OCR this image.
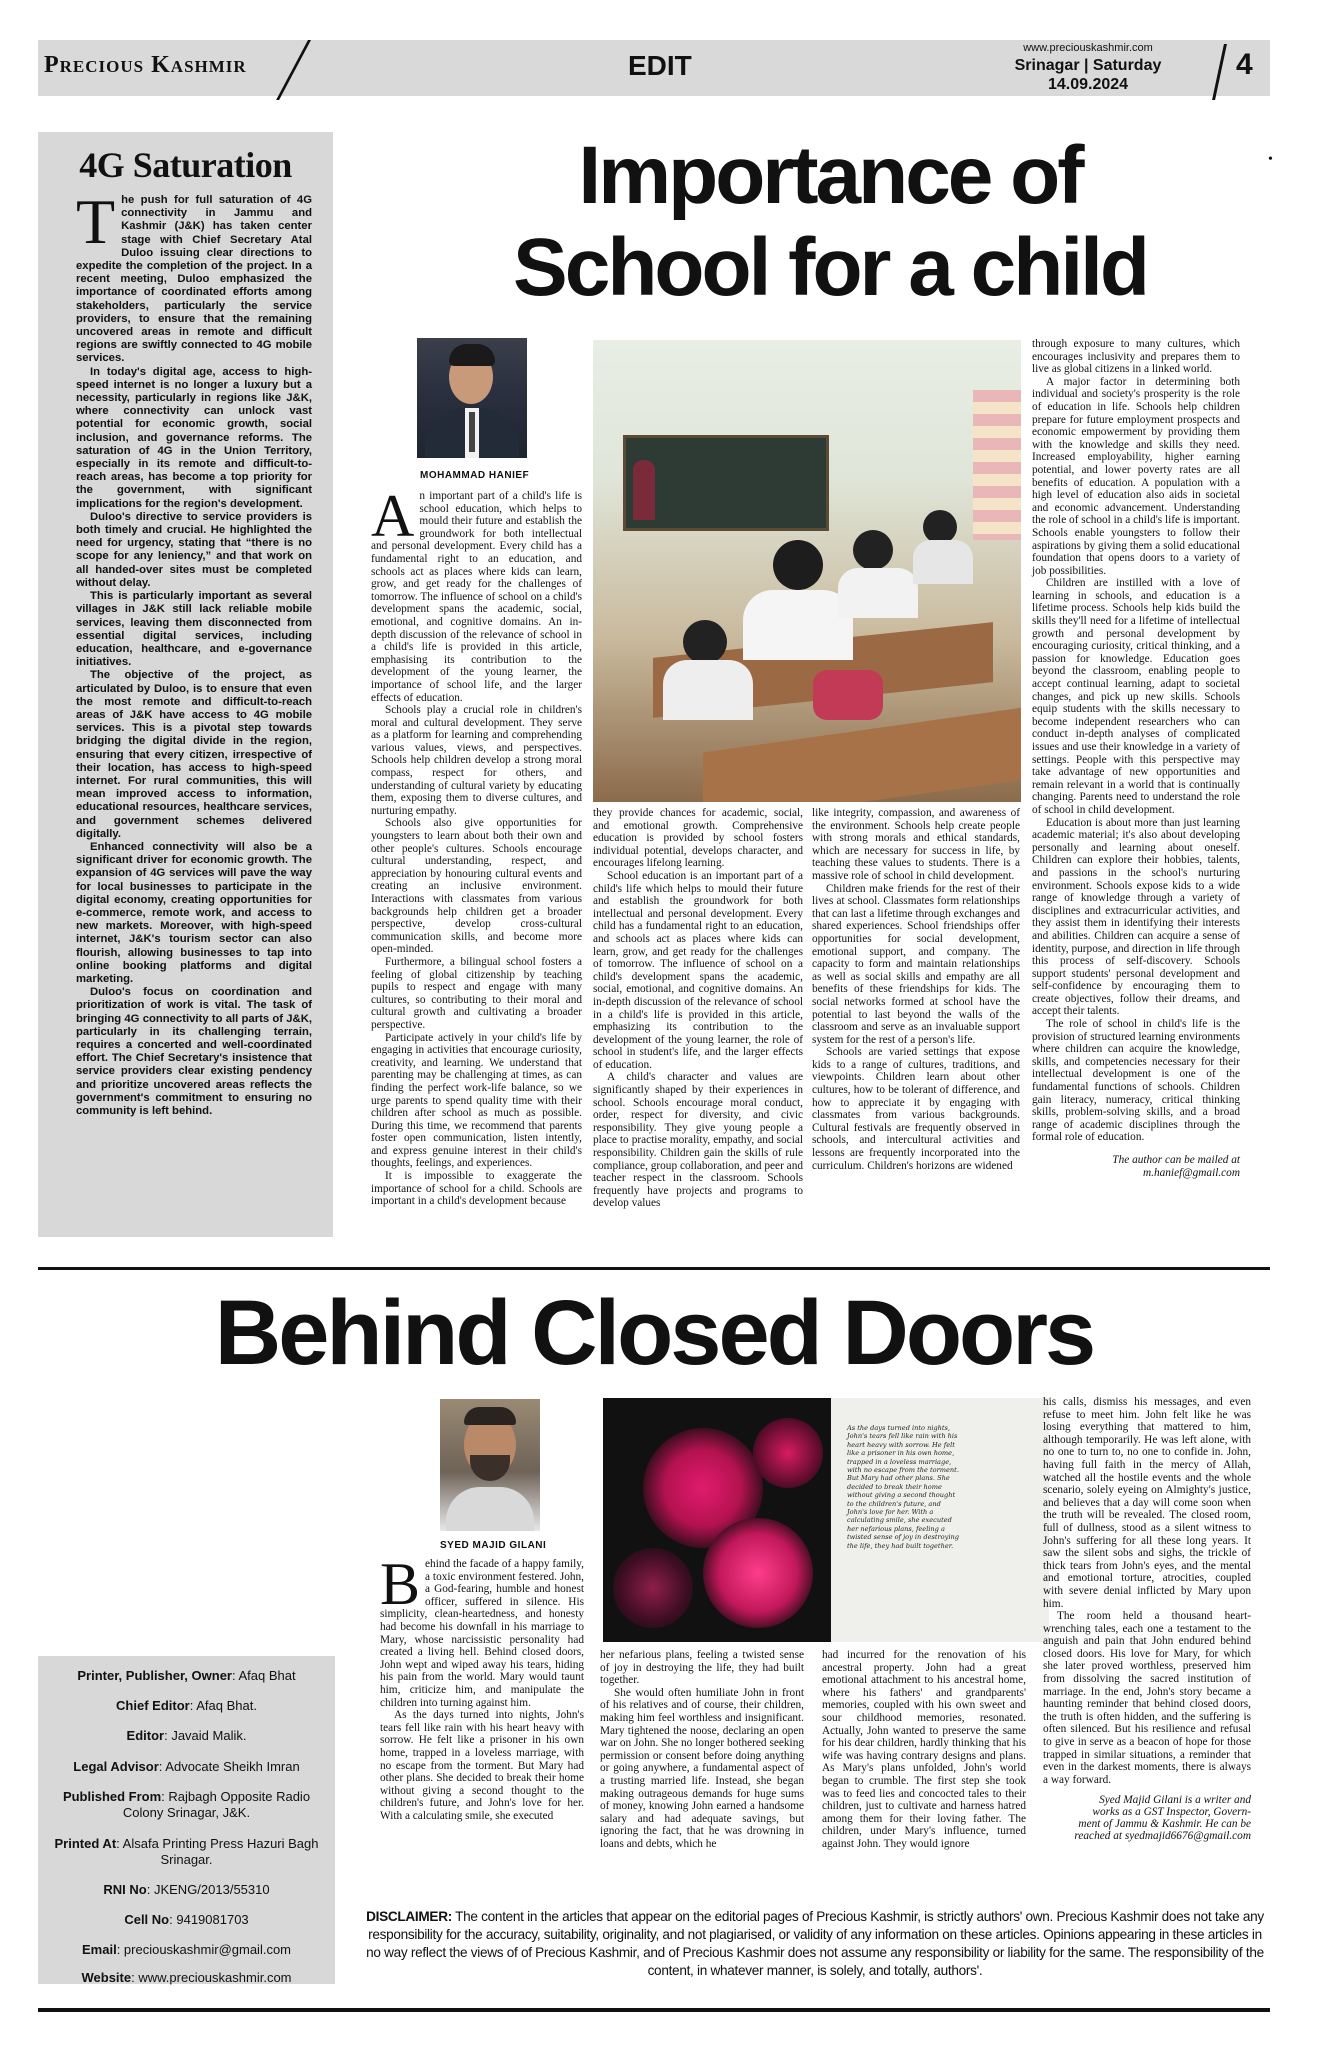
Precious Kashmir	EDIT
www.preciouskashmir.com
Srinagar | Saturday
14.09.2024
4
4G Saturation

The push for full saturation of 4G connectivity in Jammu and Kashmir (J&K) has taken center stage with Chief Secretary Atal Duloo issuing clear directions to expedite the completion of the project. In a recent meeting, Duloo emphasized the importance of coordinated efforts among stakeholders, particularly the service providers, to ensure that the remaining uncovered areas in remote and difficult regions are swiftly connected to 4G mobile services.

In today's digital age, access to high-speed internet is no longer a luxury but a necessity, particularly in regions like J&K, where connectivity can unlock vast potential for economic growth, social inclusion, and governance reforms. The saturation of 4G in the Union Territory, especially in its remote and difficult-to-reach areas, has become a top priority for the government, with significant implications for the region's development.

Duloo's directive to service providers is both timely and crucial. He highlighted the need for urgency, stating that “there is no scope for any leniency,” and that work on all handed-over sites must be completed without delay.

This is particularly important as several villages in J&K still lack reliable mobile services, leaving them disconnected from essential digital services, including education, healthcare, and e-governance initiatives.

The objective of the project, as articulated by Duloo, is to ensure that even the most remote and difficult-to-reach areas of J&K have access to 4G mobile services. This is a pivotal step towards bridging the digital divide in the region, ensuring that every citizen, irrespective of their location, has access to high-speed internet. For rural communities, this will mean improved access to information, educational resources, healthcare services, and government schemes delivered digitally.

Enhanced connectivity will also be a significant driver for economic growth. The expansion of 4G services will pave the way for local businesses to participate in the digital economy, creating opportunities for e-commerce, remote work, and access to new markets. Moreover, with high-speed internet, J&K's tourism sector can also flourish, allowing businesses to tap into online booking platforms and digital marketing.

Duloo's focus on coordination and prioritization of work is vital. The task of bringing 4G connectivity to all parts of J&K, particularly in its challenging terrain, requires a concerted and well-coordinated effort. The Chief Secretary's insistence that service providers clear existing pendency and prioritize uncovered areas reflects the government's commitment to ensuring no community is left behind.

Importance of
School for a child
•
MOHAMMAD HANIEF

An important part of a child's life is school education, which helps to mould their future and establish the groundwork for both intellectual and personal development. Every child has a fundamental right to an education, and schools act as places where kids can learn, grow, and get ready for the challenges of tomorrow. The influence of school on a child's development spans the academic, social, emotional, and cognitive domains. An in-depth discussion of the relevance of school in a child's life is provided in this article, emphasising its contribution to the development of the young learner, the importance of school life, and the larger effects of education.

Schools play a crucial role in children's moral and cultural development. They serve as a platform for learning and comprehending various values, views, and perspectives. Schools help children develop a strong moral compass, respect for others, and understanding of cultural variety by educating them, exposing them to diverse cultures, and nurturing empathy.

Schools also give opportunities for youngsters to learn about both their own and other people's cultures. Schools encourage cultural understanding, respect, and appreciation by honouring cultural events and creating an inclusive environment. Interactions with classmates from various backgrounds help children get a broader perspective, develop cross-cultural communication skills, and become more open-minded.

Furthermore, a bilingual school fosters a feeling of global citizenship by teaching pupils to respect and engage with many cultures, so contributing to their moral and cultural growth and cultivating a broader perspective.

Participate actively in your child's life by engaging in activities that encourage curiosity, creativity, and learning. We understand that parenting may be challenging at times, as can finding the perfect work-life balance, so we urge parents to spend quality time with their children after school as much as possible. During this time, we recommend that parents foster open communication, listen intently, and express genuine interest in their child's thoughts, feelings, and experiences.

It is impossible to exaggerate the importance of school for a child. Schools are important in a child's development because

they provide chances for academic, social, and emotional growth. Comprehensive education is provided by school fosters individual potential, develops character, and encourages lifelong learning.

School education is an important part of a child's life which helps to mould their future and establish the groundwork for both intellectual and personal development. Every child has a fundamental right to an education, and schools act as places where kids can learn, grow, and get ready for the challenges of tomorrow. The influence of school on a child's development spans the academic, social, emotional, and cognitive domains. An in-depth discussion of the relevance of school in a child's life is provided in this article, emphasizing its contribution to the development of the young learner, the role of school in student's life, and the larger effects of education.

A child's character and values are significantly shaped by their experiences in school. Schools encourage moral conduct, order, respect for diversity, and civic responsibility. They give young people a place to practise morality, empathy, and social responsibility. Children gain the skills of rule compliance, group collaboration, and peer and teacher respect in the classroom. Schools frequently have projects and programs to develop values

like integrity, compassion, and awareness of the environment. Schools help create people with strong morals and ethical standards, which are necessary for success in life, by teaching these values to students. There is a massive role of school in child development.

Children make friends for the rest of their lives at school. Classmates form relationships that can last a lifetime through exchanges and shared experiences. School friendships offer opportunities for social development, emotional support, and company. The capacity to form and maintain relationships as well as social skills and empathy are all benefits of these friendships for kids. The social networks formed at school have the potential to last beyond the walls of the classroom and serve as an invaluable support system for the rest of a person's life.

Schools are varied settings that expose kids to a range of cultures, traditions, and viewpoints. Children learn about other cultures, how to be tolerant of difference, and how to appreciate it by engaging with classmates from various backgrounds. Cultural festivals are frequently observed in schools, and intercultural activities and lessons are frequently incorporated into the curriculum. Children's horizons are widened

through exposure to many cultures, which encourages inclusivity and prepares them to live as global citizens in a linked world.

A major factor in determining both individual and society's prosperity is the role of education in life. Schools help children prepare for future employment prospects and economic empowerment by providing them with the knowledge and skills they need. Increased employability, higher earning potential, and lower poverty rates are all benefits of education. A population with a high level of education also aids in societal and economic advancement. Understanding the role of school in a child's life is important. Schools enable youngsters to follow their aspirations by giving them a solid educational foundation that opens doors to a variety of job possibilities.

Children are instilled with a love of learning in schools, and education is a lifetime process. Schools help kids build the skills they'll need for a lifetime of intellectual growth and personal development by encouraging curiosity, critical thinking, and a passion for knowledge. Education goes beyond the classroom, enabling people to accept continual learning, adapt to societal changes, and pick up new skills. Schools equip students with the skills necessary to become independent researchers who can conduct in-depth analyses of complicated issues and use their knowledge in a variety of settings. People with this perspective may take advantage of new opportunities and remain relevant in a world that is continually changing. Parents need to understand the role of school in child development.

Education is about more than just learning academic material; it's also about developing personally and learning about oneself. Children can explore their hobbies, talents, and passions in the school's nurturing environment. Schools expose kids to a wide range of knowledge through a variety of disciplines and extracurricular activities, and they assist them in identifying their interests and abilities. Children can acquire a sense of identity, purpose, and direction in life through this process of self-discovery. Schools support students' personal development and self-confidence by encouraging them to create objectives, follow their dreams, and accept their talents.

The role of school in child's life is the provision of structured learning environments where children can acquire the knowledge, skills, and competencies necessary for their intellectual development is one of the fundamental functions of schools. Children gain literacy, numeracy, critical thinking skills, problem-solving skills, and a broad range of academic disciplines through the formal role of education.

The author can be mailed at
m.hanief@gmail.com
Behind Closed Doors
SYED MAJID GILANI

As the days turned into nights, John's tears fell like rain with his heart heavy with sorrow. He felt like a prisoner in his own home, trapped in a loveless marriage, with no escape from the torment. But Mary had other plans. She decided to break their home without giving a second thought to the children's future, and John's love for her. With a calculating smile, she executed her nefarious plans, feeling a twisted sense of joy in destroying the life, they had built together.

Behind the facade of a happy family, a toxic environment festered. John, a God-fearing, humble and honest officer, suffered in silence. His simplicity, clean-heartedness, and honesty had become his downfall in his marriage to Mary, whose narcissistic personality had created a living hell. Behind closed doors, John wept and wiped away his tears, hiding his pain from the world. Mary would taunt him, criticize him, and manipulate the children into turning against him.

As the days turned into nights, John's tears fell like rain with his heart heavy with sorrow. He felt like a prisoner in his own home, trapped in a loveless marriage, with no escape from the torment. But Mary had other plans. She decided to break their home without giving a second thought to the children's future, and John's love for her. With a calculating smile, she executed

her nefarious plans, feeling a twisted sense of joy in destroying the life, they had built together.

She would often humiliate John in front of his relatives and of course, their children, making him feel worthless and insignificant. Mary tightened the noose, declaring an open war on John. She no longer bothered seeking permission or consent before doing anything or going anywhere, a fundamental aspect of a trusting married life. Instead, she began making outrageous demands for huge sums of money, knowing John earned a handsome salary and had adequate savings, but ignoring the fact, that he was drowning in loans and debts, which he

had incurred for the renovation of his ancestral property. John had a great emotional attachment to his ancestral home, where his fathers' and grandparents' memories, coupled with his own sweet and sour childhood memories, resonated. Actually, John wanted to preserve the same for his dear children, hardly thinking that his wife was having contrary designs and plans. As Mary's plans unfolded, John's world began to crumble. The first step she took was to feed lies and concocted tales to their children, just to cultivate and harness hatred among them for their loving father. The children, under Mary's influence, turned against John. They would ignore

his calls, dismiss his messages, and even refuse to meet him. John felt like he was losing everything that mattered to him, although temporarily. He was left alone, with no one to turn to, no one to confide in. John, having full faith in the mercy of Allah, watched all the hostile events and the whole scenario, solely eyeing on Almighty's justice, and believes that a day will come soon when the truth will be revealed. The closed room, full of dullness, stood as a silent witness to John's suffering for all these long years. It saw the silent sobs and sighs, the trickle of thick tears from John's eyes, and the mental and emotional torture, atrocities, coupled with severe denial inflicted by Mary upon him.

The room held a thousand heart-wrenching tales, each one a testament to the anguish and pain that John endured behind closed doors. His love for Mary, for which she later proved worthless, preserved him from dissolving the sacred institution of marriage. In the end, John's story became a haunting reminder that behind closed doors, the truth is often hidden, and the suffering is often silenced. But his resilience and refusal to give in serve as a beacon of hope for those trapped in similar situations, a reminder that even in the darkest moments, there is always a way forward.

Syed Majid Gilani is a writer and
works as a GST Inspector, Govern-
ment of Jammu & Kashmir. He can be
reached at syedmajid6676@gmail.com
Printer, Publisher, Owner: Afaq Bhat
Chief Editor: Afaq Bhat.
Editor: Javaid Malik.
Legal Advisor: Advocate Sheikh Imran
Published From: Rajbagh Opposite Radio
Colony Srinagar, J&K.
Printed At: Alsafa Printing Press Hazuri Bagh
Srinagar.
RNI No: JKENG/2013/55310
Cell No: 9419081703
Email: preciouskashmir@gmail.com
Website: www.preciouskashmir.com
DISCLAIMER: The content in the articles that appear on the editorial pages of Precious Kashmir, is strictly authors' own. Precious Kashmir does not take any responsibility for the accuracy, suitability, originality, and not plagiarised, or validity of any information on these articles. Opinions appearing in these articles in no way reflect the views of of Precious Kashmir, and of Precious Kashmir does not assume any responsibility or liability for the same. The responsibility of the content, in whatever manner, is solely, and totally, authors'.
